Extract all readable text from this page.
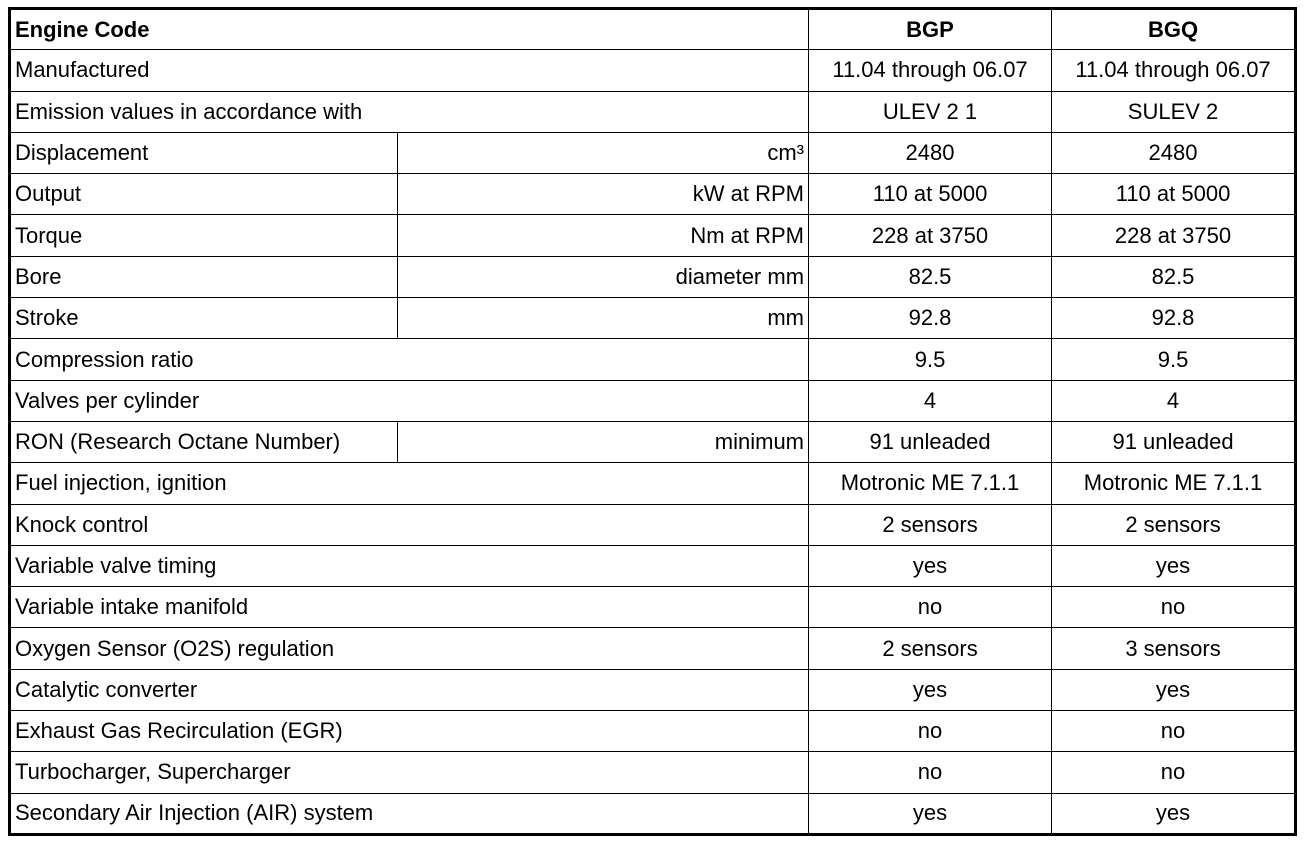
Engine Code		BGP	BGQ
Manufactured		11.04 through 06.07	11.04 through 06.07
Emission values in accordance with		ULEV 2 1	SULEV 2
Displacement	cm³	2480	2480
Output	kW at RPM	110 at 5000	110 at 5000
Torque	Nm at RPM	228 at 3750	228 at 3750
Bore	diameter mm	82.5	82.5
Stroke	mm	92.8	92.8
Compression ratio		9.5	9.5
Valves per cylinder		4	4
RON (Research Octane Number)	minimum	91 unleaded	91 unleaded
Fuel injection, ignition		Motronic ME 7.1.1	Motronic ME 7.1.1
Knock control		2 sensors	2 sensors
Variable valve timing		yes	yes
Variable intake manifold		no	no
Oxygen Sensor (O2S) regulation		2 sensors	3 sensors
Catalytic converter		yes	yes
Exhaust Gas Recirculation (EGR)		no	no
Turbocharger, Supercharger		no	no
Secondary Air Injection (AIR) system		yes	yes
